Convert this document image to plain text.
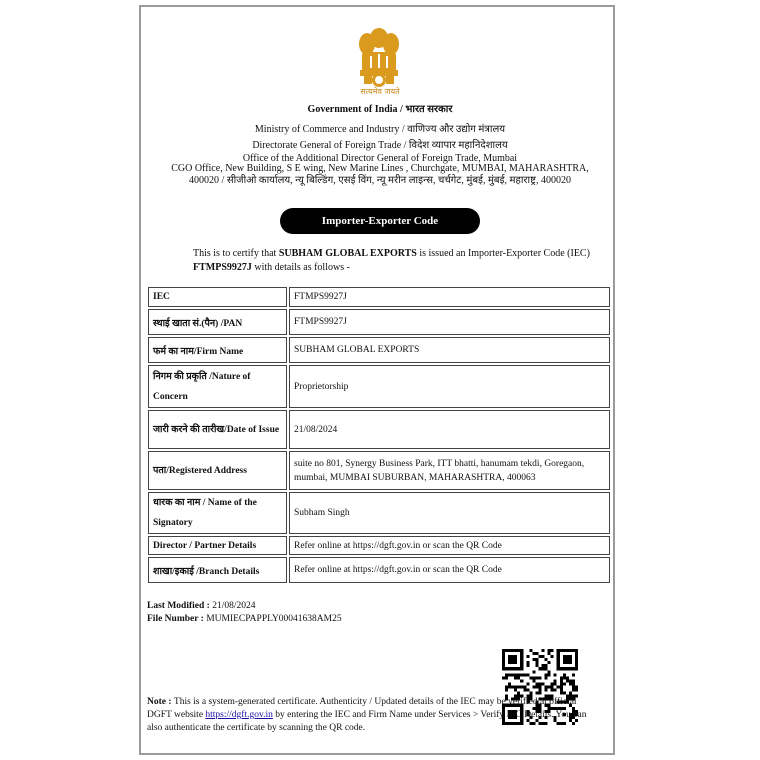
सत्यमेव जयते
Government of India / भारत सरकार
Ministry of Commerce and Industry / वाणिज्य और उद्योग मंत्रालय
Directorate General of Foreign Trade / विदेश व्यापार महानिदेशालय
Office of the Additional Director General of Foreign Trade, Mumbai
CGO Office, New Building, S E wing, New Marine Lines , Churchgate, MUMBAI, MAHARASHTRA,
400020 / सीजीओ कार्यालय, न्यू बिल्डिंग, एसई विंग, न्यू मरीन लाइन्स, चर्चगेट, मुंबई, मुंबई, महाराष्ट्र, 400020
Importer-Exporter Code
This is to certify that SUBHAM GLOBAL EXPORTS is issued an Importer-Exporter Code (IEC) FTMPS9927J with details as follows -
IEC	FTMPS9927J
स्थाई खाता सं.(पैन) /PAN	FTMPS9927J
फर्म का नाम/Firm Name	SUBHAM GLOBAL EXPORTS
निगम की प्रकृति /Nature of Concern	Proprietorship
जारी करने की तारीख/Date of Issue	21/08/2024
पता/Registered Address	suite no 801, Synergy Business Park, ITT bhatti, hanumam tekdi, Goregaon, mumbai, MUMBAI SUBURBAN, MAHARASHTRA, 400063
धारक का नाम / Name of the Signatory	Subham Singh
Director / Partner Details	Refer online at https://dgft.gov.in or scan the QR Code
शाखा/इकाई /Branch Details	Refer online at https://dgft.gov.in or scan the QR Code
Last Modified : 21/08/2024
File Number : MUMIECPAPPLY00041638AM25
Note : This is a system-generated certificate. Authenticity / Updated details of the IEC may be verified at official DGFT website https://dgft.gov.in by entering the IEC and Firm Name under Services > Verify IEC Details. You can also authenticate the certificate by scanning the QR code.
